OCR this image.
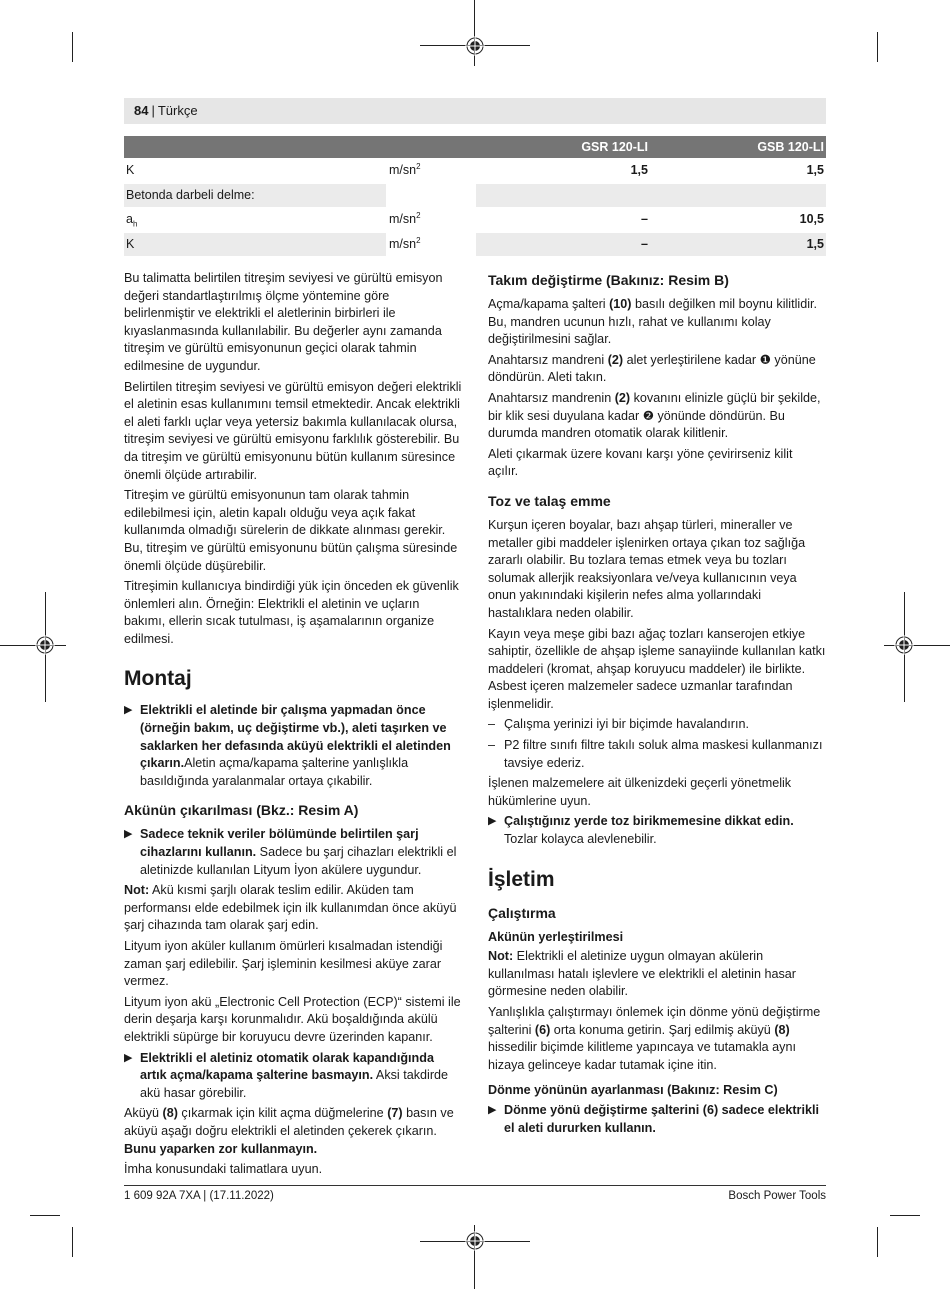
84 | Türkçe
GSR 120-LI	GSB 120-LI
K	$m/sn^2$	1,5	1,5
Betonda darbeli delme:
$a_h$	$m/sn^2$	–	10,5
K	$m/sn^2$	–	1,5

Bu talimatta belirtilen titreşim seviyesi ve gürültü emisyon değeri standartlaştırılmış ölçme yöntemine göre belirlenmiştir ve elektrikli el aletlerinin birbirleri ile kıyaslanmasında kullanılabilir. Bu değerler aynı zamanda titreşim ve gürültü emisyonunun geçici olarak tahmin edilmesine de uygundur.

Belirtilen titreşim seviyesi ve gürültü emisyon değeri elektrikli el aletinin esas kullanımını temsil etmektedir. Ancak elektrikli el aleti farklı uçlar veya yetersiz bakımla kullanılacak olursa, titreşim seviyesi ve gürültü emisyonu farklılık gösterebilir. Bu da titreşim ve gürültü emisyonunu bütün kullanım süresince önemli ölçüde artırabilir.

Titreşim ve gürültü emisyonunun tam olarak tahmin edilebilmesi için, aletin kapalı olduğu veya açık fakat kullanımda olmadığı sürelerin de dikkate alınması gerekir. Bu, titreşim ve gürültü emisyonunu bütün çalışma süresinde önemli ölçüde düşürebilir.

Titreşimin kullanıcıya bindirdiği yük için önceden ek güvenlik önlemleri alın. Örneğin: Elektrikli el aletinin ve uçların bakımı, ellerin sıcak tutulması, iş aşamalarının organize edilmesi.

Montaj
▶ Elektrikli el aletinde bir çalışma yapmadan önce (örneğin bakım, uç değiştirme vb.), aleti taşırken ve saklarken her defasında aküyü elektrikli el aletinden çıkarın.Aletin açma/kapama şalterine yanlışlıkla basıldığında yaralanmalar ortaya çıkabilir.
Akünün çıkarılması (Bkz.: Resim A)
▶ Sadece teknik veriler bölümünde belirtilen şarj cihazlarını kullanın. Sadece bu şarj cihazları elektrikli el aletinizde kullanılan Lityum İyon akülere uygundur.

Not: Akü kısmi şarjlı olarak teslim edilir. Aküden tam performansı elde edebilmek için ilk kullanımdan önce aküyü şarj cihazında tam olarak şarj edin.

Lityum iyon aküler kullanım ömürleri kısalmadan istendiği zaman şarj edilebilir. Şarj işleminin kesilmesi aküye zarar vermez.

Lityum iyon akü „Electronic Cell Protection (ECP)“ sistemi ile derin deşarja karşı korunmalıdır. Akü boşaldığında akülü elektrikli süpürge bir koruyucu devre üzerinden kapanır.

▶ Elektrikli el aletiniz otomatik olarak kapandığında artık açma/kapama şalterine basmayın. Aksi takdirde akü hasar görebilir.

Aküyü (8) çıkarmak için kilit açma düğmelerine (7) basın ve aküyü aşağı doğru elektrikli el aletinden çekerek çıkarın.
Bunu yaparken zor kullanmayın.

İmha konusundaki talimatlara uyun.

Takım değiştirme (Bakınız: Resim B)

Açma/kapama şalteri (10) basılı değilken mil boynu kilitlidir. Bu, mandren ucunun hızlı, rahat ve kullanımı kolay değiştirilmesini sağlar.

Anahtarsız mandreni (2) alet yerleştirilene kadar ❶ yönüne döndürün. Aleti takın.

Anahtarsız mandrenin (2) kovanını elinizle güçlü bir şekilde, bir klik sesi duyulana kadar ❷ yönünde döndürün. Bu durumda mandren otomatik olarak kilitlenir.

Aleti çıkarmak üzere kovanı karşı yöne çevirirseniz kilit açılır.

Toz ve talaş emme

Kurşun içeren boyalar, bazı ahşap türleri, mineraller ve metaller gibi maddeler işlenirken ortaya çıkan toz sağlığa zararlı olabilir. Bu tozlara temas etmek veya bu tozları solumak allerjik reaksiyonlara ve/veya kullanıcının veya onun yakınındaki kişilerin nefes alma yollarındaki hastalıklara neden olabilir.

Kayın veya meşe gibi bazı ağaç tozları kanserojen etkiye sahiptir, özellikle de ahşap işleme sanayiinde kullanılan katkı maddeleri (kromat, ahşap koruyucu maddeler) ile birlikte. Asbest içeren malzemeler sadece uzmanlar tarafından işlenmelidir.

– Çalışma yerinizi iyi bir biçimde havalandırın.
– P2 filtre sınıfı filtre takılı soluk alma maskesi kullanmanızı tavsiye ederiz.

İşlenen malzemelere ait ülkenizdeki geçerli yönetmelik hükümlerine uyun.

▶ Çalıştığınız yerde toz birikmemesine dikkat edin.
Tozlar kolayca alevlenebilir.
İşletim
Çalıştırma
Akünün yerleştirilmesi

Not: Elektrikli el aletinize uygun olmayan akülerin kullanılması hatalı işlevlere ve elektrikli el aletinin hasar görmesine neden olabilir.

Yanlışlıkla çalıştırmayı önlemek için dönme yönü değiştirme şalterini (6) orta konuma getirin. Şarj edilmiş aküyü (8) hissedilir biçimde kilitleme yapıncaya ve tutamakla aynı hizaya gelinceye kadar tutamak içine itin.

Dönme yönünün ayarlanması (Bakınız: Resim C)
▶ Dönme yönü değiştirme şalterini (6) sadece elektrikli el aleti dururken kullanın.
1 609 92A 7XA | (17.11.2022)	Bosch Power Tools
